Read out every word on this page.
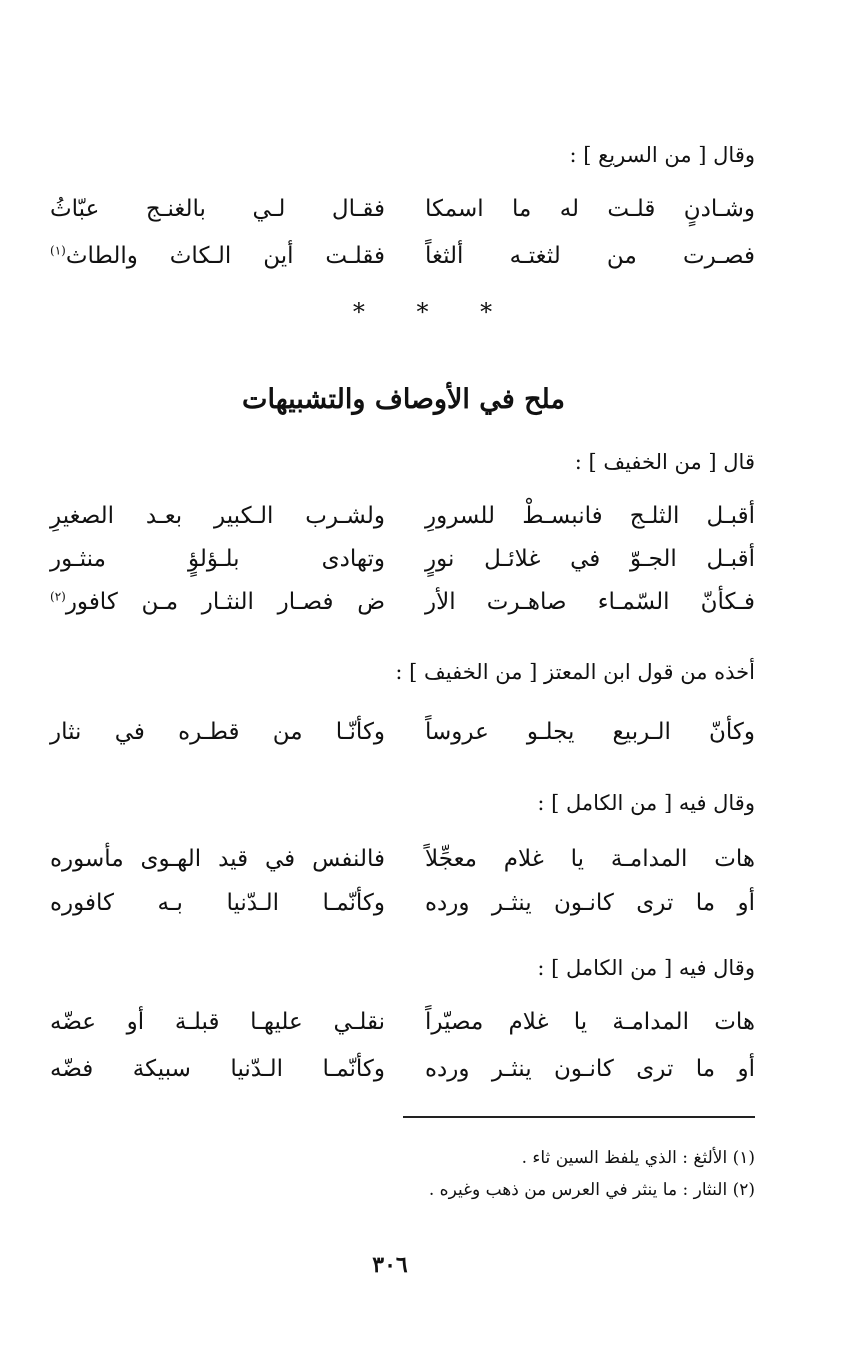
وقال [ من السريع ] :
وشـادنٍ قلـت له ما اسمكا
فقـال لـي بالغنـج عبّاثُ
فصـرت من لثغتـه ألثغاً
فقلـت أين الـكاث والطاث$^{(١)}$
* * *
ملح في الأوصاف والتشبيهات
قال [ من الخفيف ] :
أقبـل الثلـج فانبسـطْ للسرورِ
ولشـرب الـكبير بعـد الصغيرِ
أقبـل الجـوّ في غلائـل نورٍ
وتهادى بلـؤلؤٍ منثـور
فـكأنّ السّمـاء صاهـرت الأر
ض فصـار النثـار مـن كافور$^{(٢)}$
أخذه من قول ابن المعتز [ من الخفيف ] :
وكأنّ الـربيع يجلـو عروساً
وكأنّـا من قطـره في نثار
وقال فيه [ من الكامل ] :
هات المدامـة يا غلام معجِّلاً
فالنفس في قيد الهـوى مأسوره
أو ما ترى كانـون ينثـر ورده
وكأنّمـا الـدّنيا بـه كافوره
وقال فيه [ من الكامل ] :
هات المدامـة يا غلام مصيّراً
نقلـي عليهـا قبلـة أو عضّه
أو ما ترى كانـون ينثـر ورده
وكأنّمـا الـدّنيا سبيكة فضّه
(١) الألثغ : الذي يلفظ السين ثاء .
(٢) النثار : ما ينثر في العرس من ذهب وغيره .
٣٠٦
